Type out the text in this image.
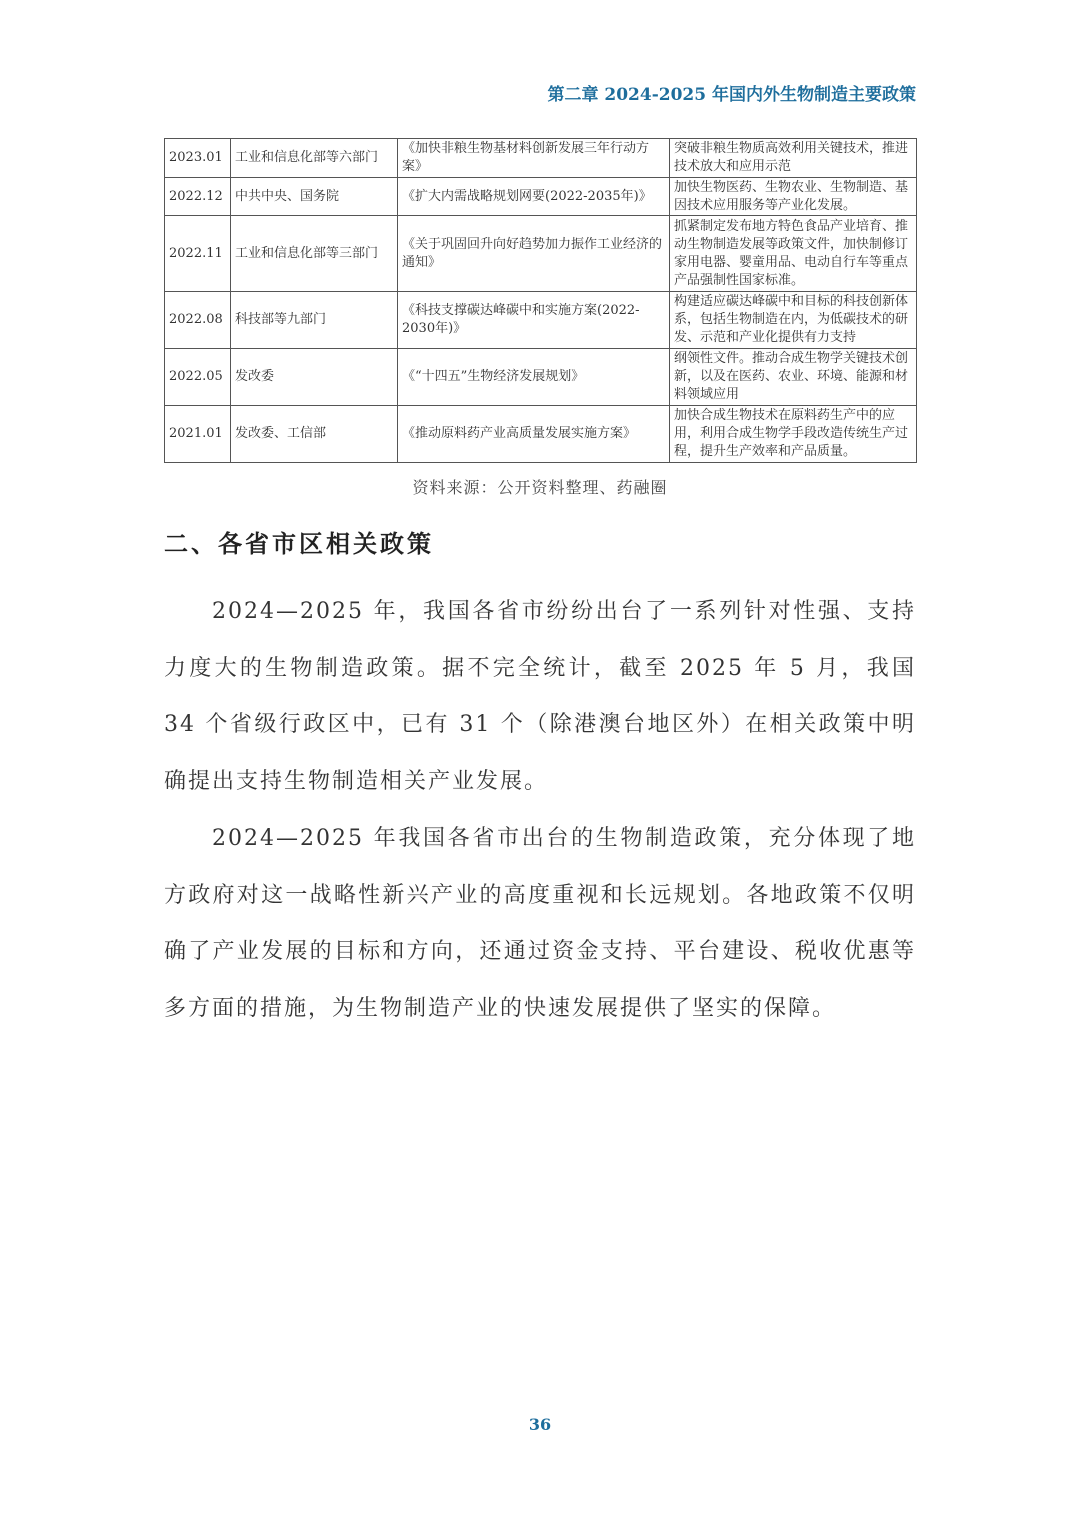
第二章 2024-2025 年国内外生物制造主要政策
2023.01	工业和信息化部等六部门	《加快非粮生物基材料创新发展三年行动方案》	突破非粮生物质高效利用关键技术，推进技术放大和应用示范
2022.12	中共中央、国务院	《扩大内需战略规划网要(2022-2035年)》	加快生物医药、生物农业、生物制造、基因技术应用服务等产业化发展。
2022.11	工业和信息化部等三部门	《关于巩固回升向好趋势加力振作工业经济的通知》	抓紧制定发布地方特色食品产业培育、推动生物制造发展等政策文件，加快制修订家用电器、婴童用品、电动自行车等重点产品强制性国家标准。
2022.08	科技部等九部门	《科技支撑碳达峰碳中和实施方案(2022-2030年)》	构建适应碳达峰碳中和目标的科技创新体系，包括生物制造在内，为低碳技术的研发、示范和产业化提供有力支持
2022.05	发改委	《“十四五”生物经济发展规划》	纲领性文件。推动合成生物学关键技术创新，以及在医药、农业、环境、能源和材料领域应用
2021.01	发改委、工信部	《推动原料药产业高质量发展实施方案》	加快合成生物技术在原料药生产中的应用，利用合成生物学手段改造传统生产过程，提升生产效率和产品质量。
资料来源：公开资料整理、药融圈
二、各省市区相关政策

2024—2025 年，我国各省市纷纷出台了一系列针对性强、支持力度大的生物制造政策。据不完全统计，截至 2025 年 5 月，我国 34 个省级行政区中，已有 31 个（除港澳台地区外）在相关政策中明确提出支持生物制造相关产业发展。

2024—2025 年我国各省市出台的生物制造政策，充分体现了地方政府对这一战略性新兴产业的高度重视和长远规划。各地政策不仅明确了产业发展的目标和方向，还通过资金支持、平台建设、税收优惠等多方面的措施，为生物制造产业的快速发展提供了坚实的保障。

36
